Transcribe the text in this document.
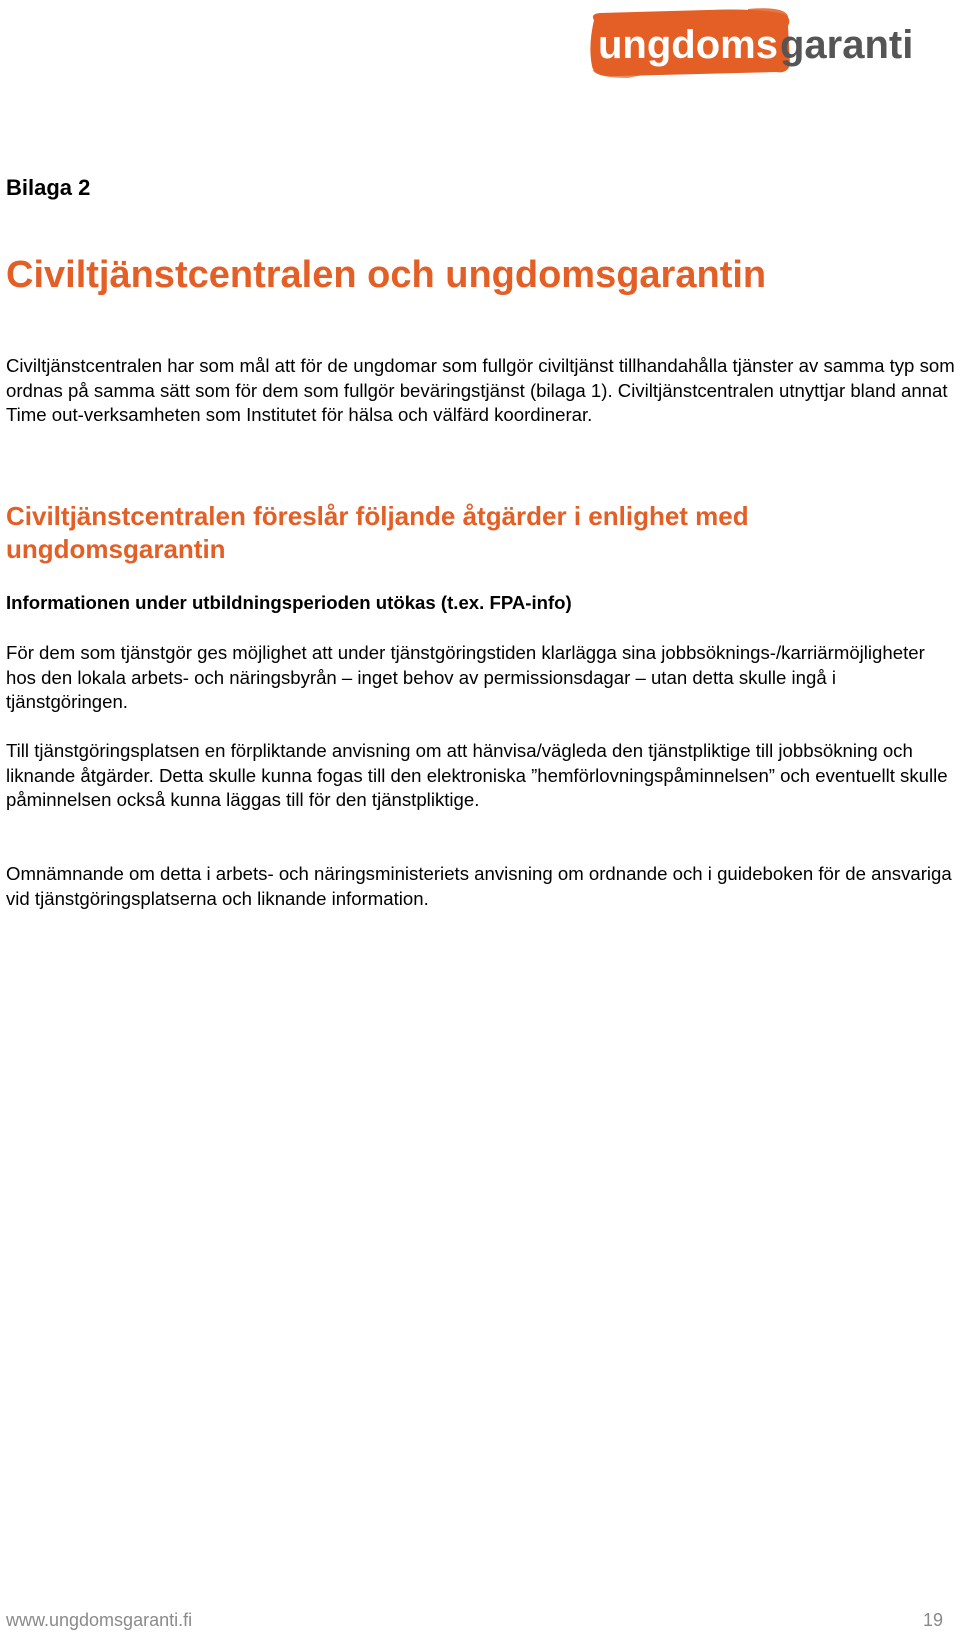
ungdoms garanti
Bilaga 2
Civiltjänstcentralen och ungdomsgarantin

Civiltjänstcentralen har som mål att för de ungdomar som fullgör civiltjänst tillhandahålla tjänster av samma typ som ordnas på samma sätt som för dem som fullgör beväringstjänst (bilaga 1). Civiltjänstcentralen utnyttjar bland annat Time out-verksamheten som Institutet för hälsa och välfärd koordinerar.

Civiltjänstcentralen föreslår följande åtgärder i enlighet med ungdomsgarantin
Informationen under utbildningsperioden utökas (t.ex. FPA-info)

För dem som tjänstgör ges möjlighet att under tjänstgöringstiden klarlägga sina jobbsöknings-/karriärmöjligheter hos den lokala arbets- och näringsbyrån – inget behov av permissionsdagar – utan detta skulle ingå i tjänstgöringen.

Till tjänstgöringsplatsen en förpliktande anvisning om att hänvisa/vägleda den tjänstpliktige till jobbsökning och liknande åtgärder. Detta skulle kunna fogas till den elektroniska ”hemförlovningspåminnelsen” och eventuellt skulle påminnelsen också kunna läggas till för den tjänstpliktige.

Omnämnande om detta i arbets- och näringsministeriets anvisning om ordnande och i guideboken för de ansvariga vid tjänstgöringsplatserna och liknande information.

www.ungdomsgaranti.fi	19
